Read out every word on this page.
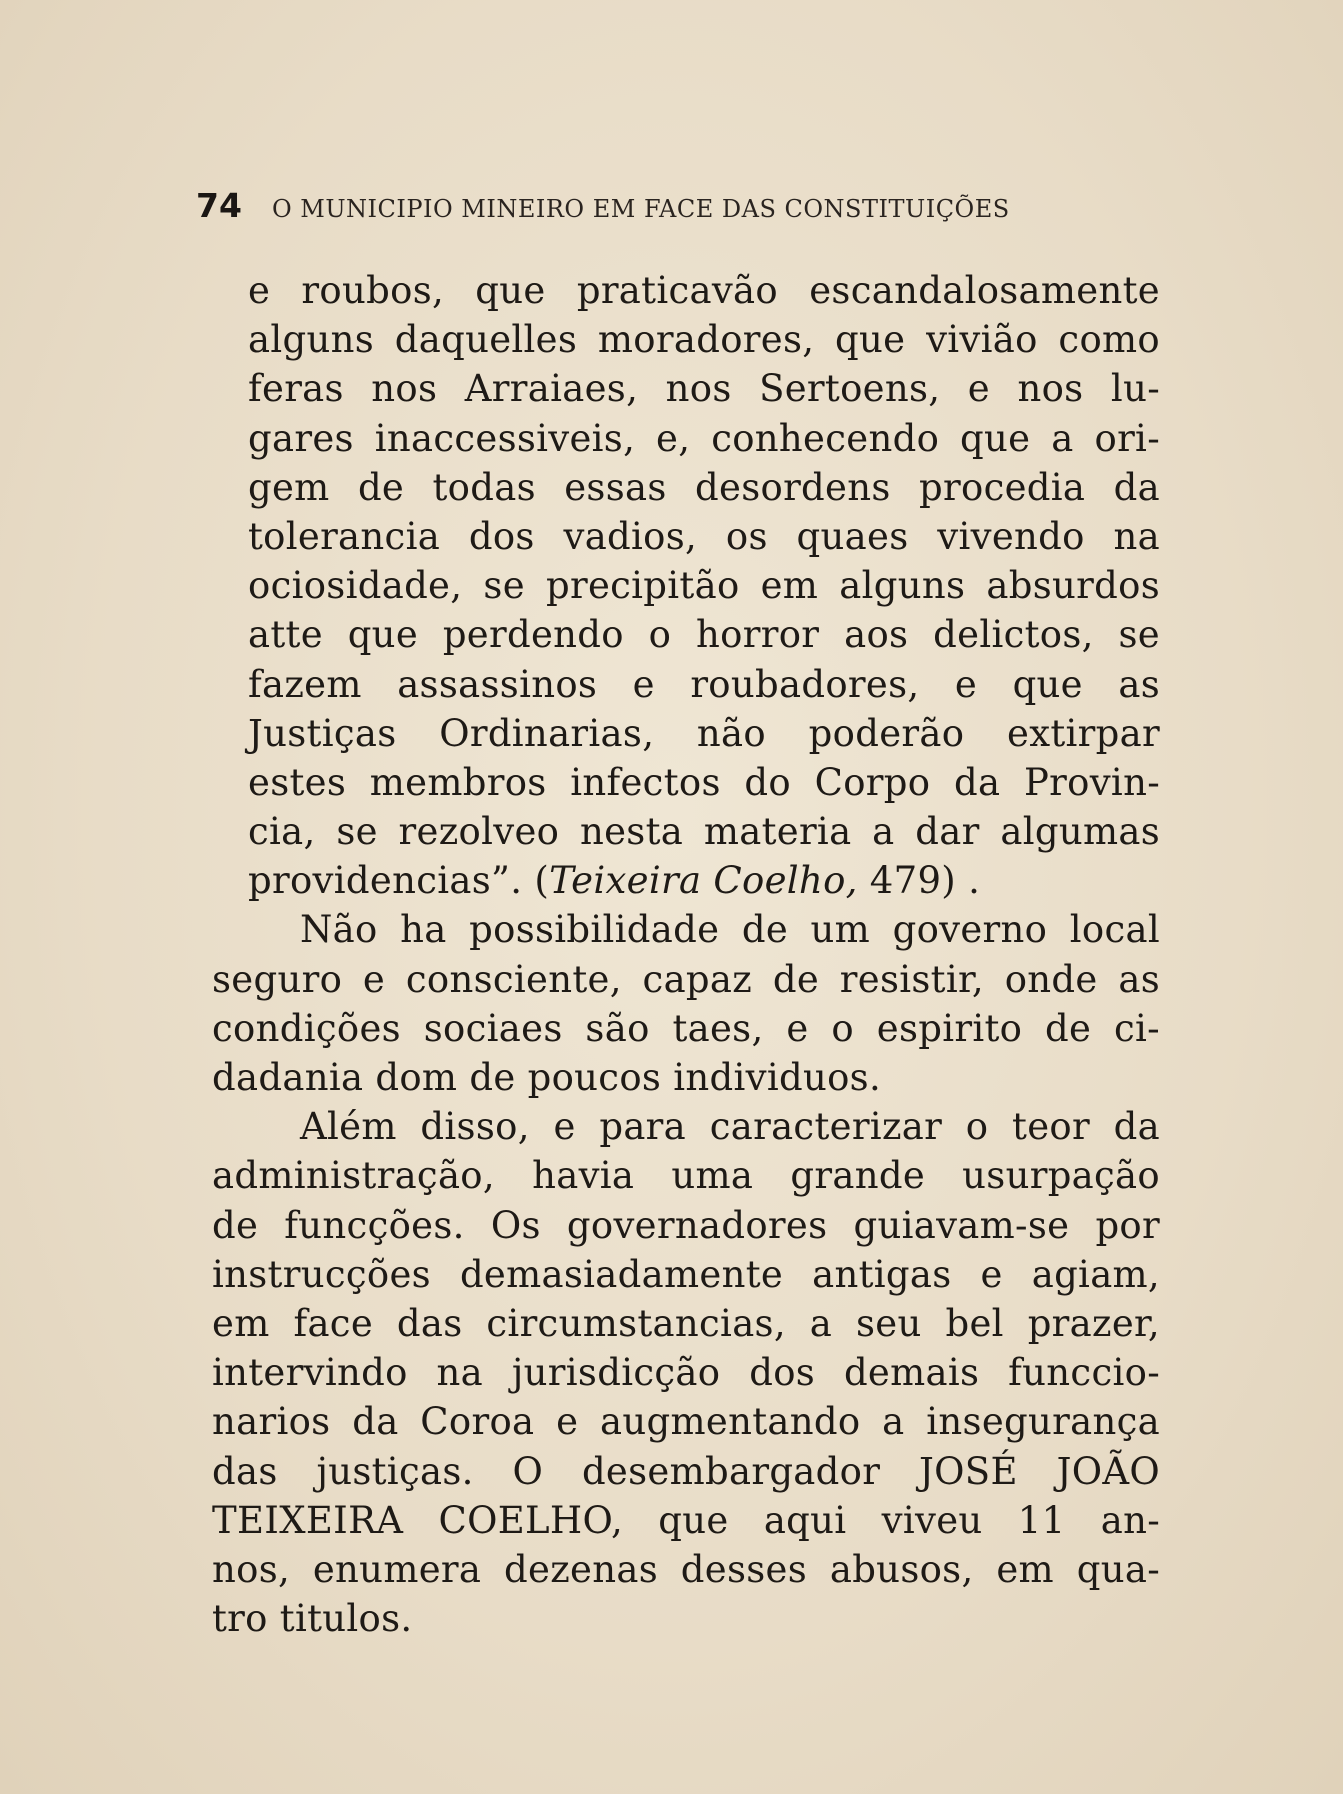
74 O MUNICIPIO MINEIRO EM FACE DAS CONSTITUIÇÕES
e roubos, que praticavão escandalosamente
alguns daquelles moradores, que vivião como
feras nos Arraiaes, nos Sertoens, e nos lu-
gares inaccessiveis, e, conhecendo que a ori-
gem de todas essas desordens procedia da
tolerancia dos vadios, os quaes vivendo na
ociosidade, se precipitão em alguns absurdos
atte que perdendo o horror aos delictos, se
fazem assassinos e roubadores, e que as
Justiças Ordinarias, não poderão extirpar
estes membros infectos do Corpo da Provin-
cia, se rezolveo nesta materia a dar algumas
providencias”. (Teixeira Coelho, 479) .
Não ha possibilidade de um governo local
seguro e consciente, capaz de resistir, onde as
condições sociaes são taes, e o espirito de ci-
dadania dom de poucos individuos.
Além disso, e para caracterizar o teor da
administração, havia uma grande usurpação
de funcções. Os governadores guiavam-se por
instrucções demasiadamente antigas e agiam,
em face das circumstancias, a seu bel prazer,
intervindo na jurisdicção dos demais funccio-
narios da Coroa e augmentando a insegurança
das justiças. O desembargador JOSÉ JOÃO
TEIXEIRA COELHO, que aqui viveu 11 an-
nos, enumera dezenas desses abusos, em qua-
tro titulos.
